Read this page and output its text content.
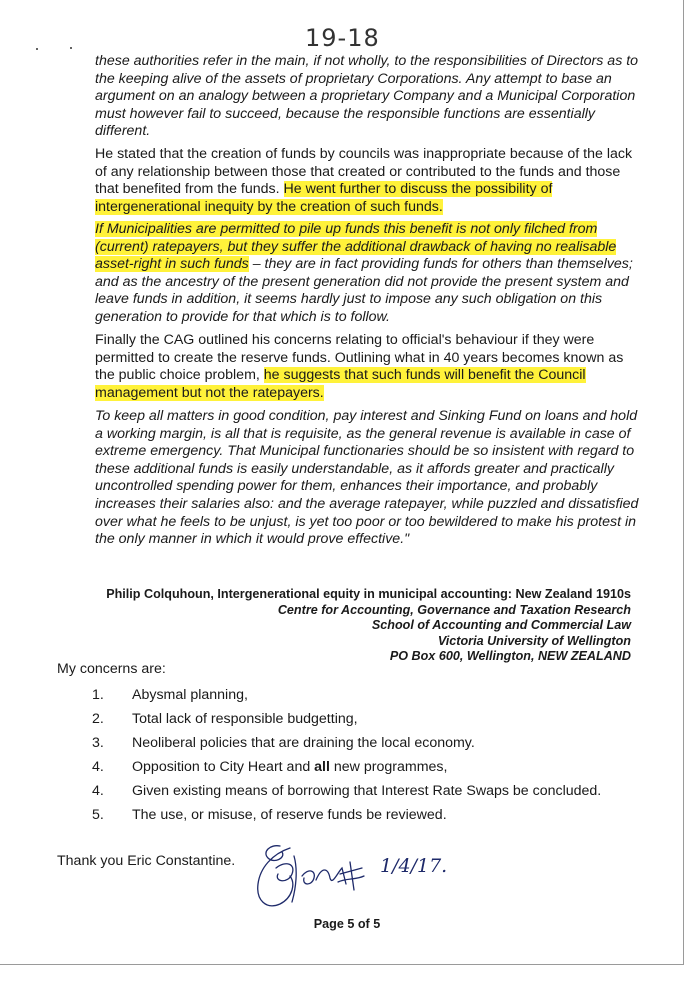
19-18

these authorities refer in the main, if not wholly, to the responsibilities of Directors as to the keeping alive of the assets of proprietary Corporations. Any attempt to base an argument on an analogy between a proprietary Company and a Municipal Corporation must however fail to succeed, because the responsible functions are essentially different.

He stated that the creation of funds by councils was inappropriate because of the lack of any relationship between those that created or contributed to the funds and those that benefited from the funds. He went further to discuss the possibility of intergenerational inequity by the creation of such funds.

If Municipalities are permitted to pile up funds this benefit is not only filched from (current) ratepayers, but they suffer the additional drawback of having no realisable asset-right in such funds – they are in fact providing funds for others than themselves; and as the ancestry of the present generation did not provide the present system and leave funds in addition, it seems hardly just to impose any such obligation on this generation to provide for that which is to follow.

Finally the CAG outlined his concerns relating to official's behaviour if they were permitted to create the reserve funds. Outlining what in 40 years becomes known as the public choice problem, he suggests that such funds will benefit the Council management but not the ratepayers.

To keep all matters in good condition, pay interest and Sinking Fund on loans and hold a working margin, is all that is requisite, as the general revenue is available in case of extreme emergency. That Municipal functionaries should be so insistent with regard to these additional funds is easily understandable, as it affords greater and practically uncontrolled spending power for them, enhances their importance, and probably increases their salaries also: and the average ratepayer, while puzzled and dissatisfied over what he feels to be unjust, is yet too poor or too bewildered to make his protest in the only manner in which it would prove effective."

Philip Colquhoun, Intergenerational equity in municipal accounting: New Zealand 1910s
Centre for Accounting, Governance and Taxation Research
School of Accounting and Commercial Law
Victoria University of Wellington
PO Box 600, Wellington, NEW ZEALAND
My concerns are:
1. Abysmal planning,
2. Total lack of responsible budgetting,
3. Neoliberal policies that are draining the local economy.
4. Opposition to City Heart and all new programmes,
4. Given existing means of borrowing that Interest Rate Swaps be concluded.
5. The use, or misuse, of reserve funds be reviewed.
Thank you Eric Constantine.	1/4/17.
Page 5 of 5
